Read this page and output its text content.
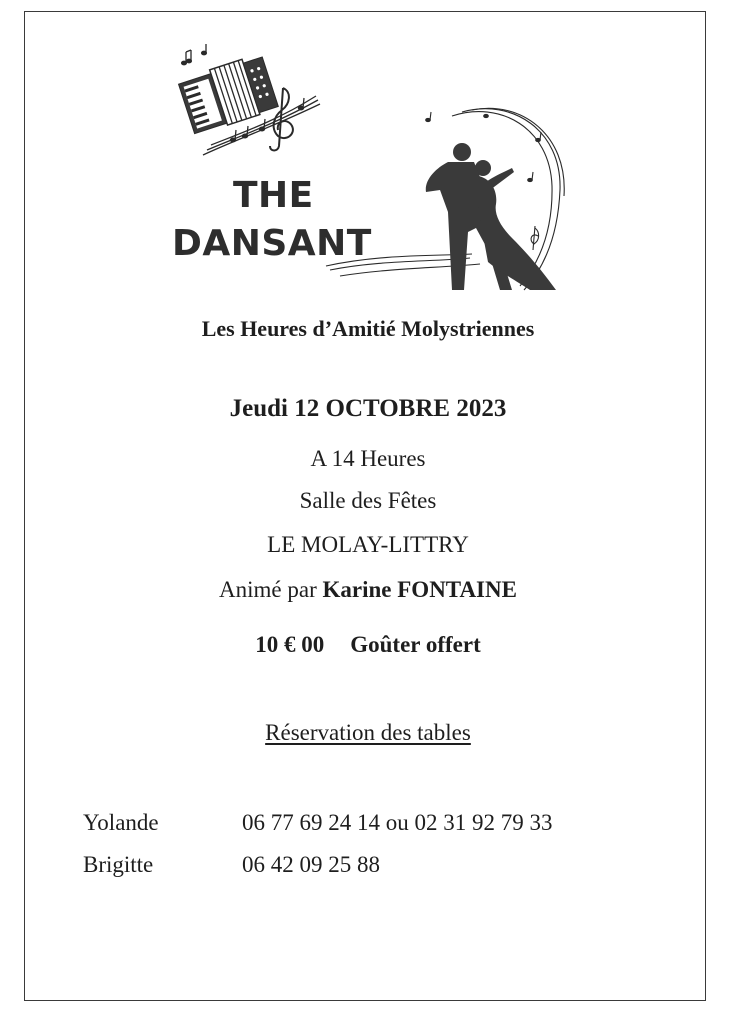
THE
DANSANT
Les Heures d’Amitié Molystriennes
Jeudi 12 OCTOBRE 2023
A 14 Heures
Salle des Fêtes
LE MOLAY-LITTRY
Animé par Karine FONTAINE
10 € 00 Goûter offert
Réservation des tables
Yolande	06 77 69 24 14 ou 02 31 92 79 33
Brigitte	06 42 09 25 88
